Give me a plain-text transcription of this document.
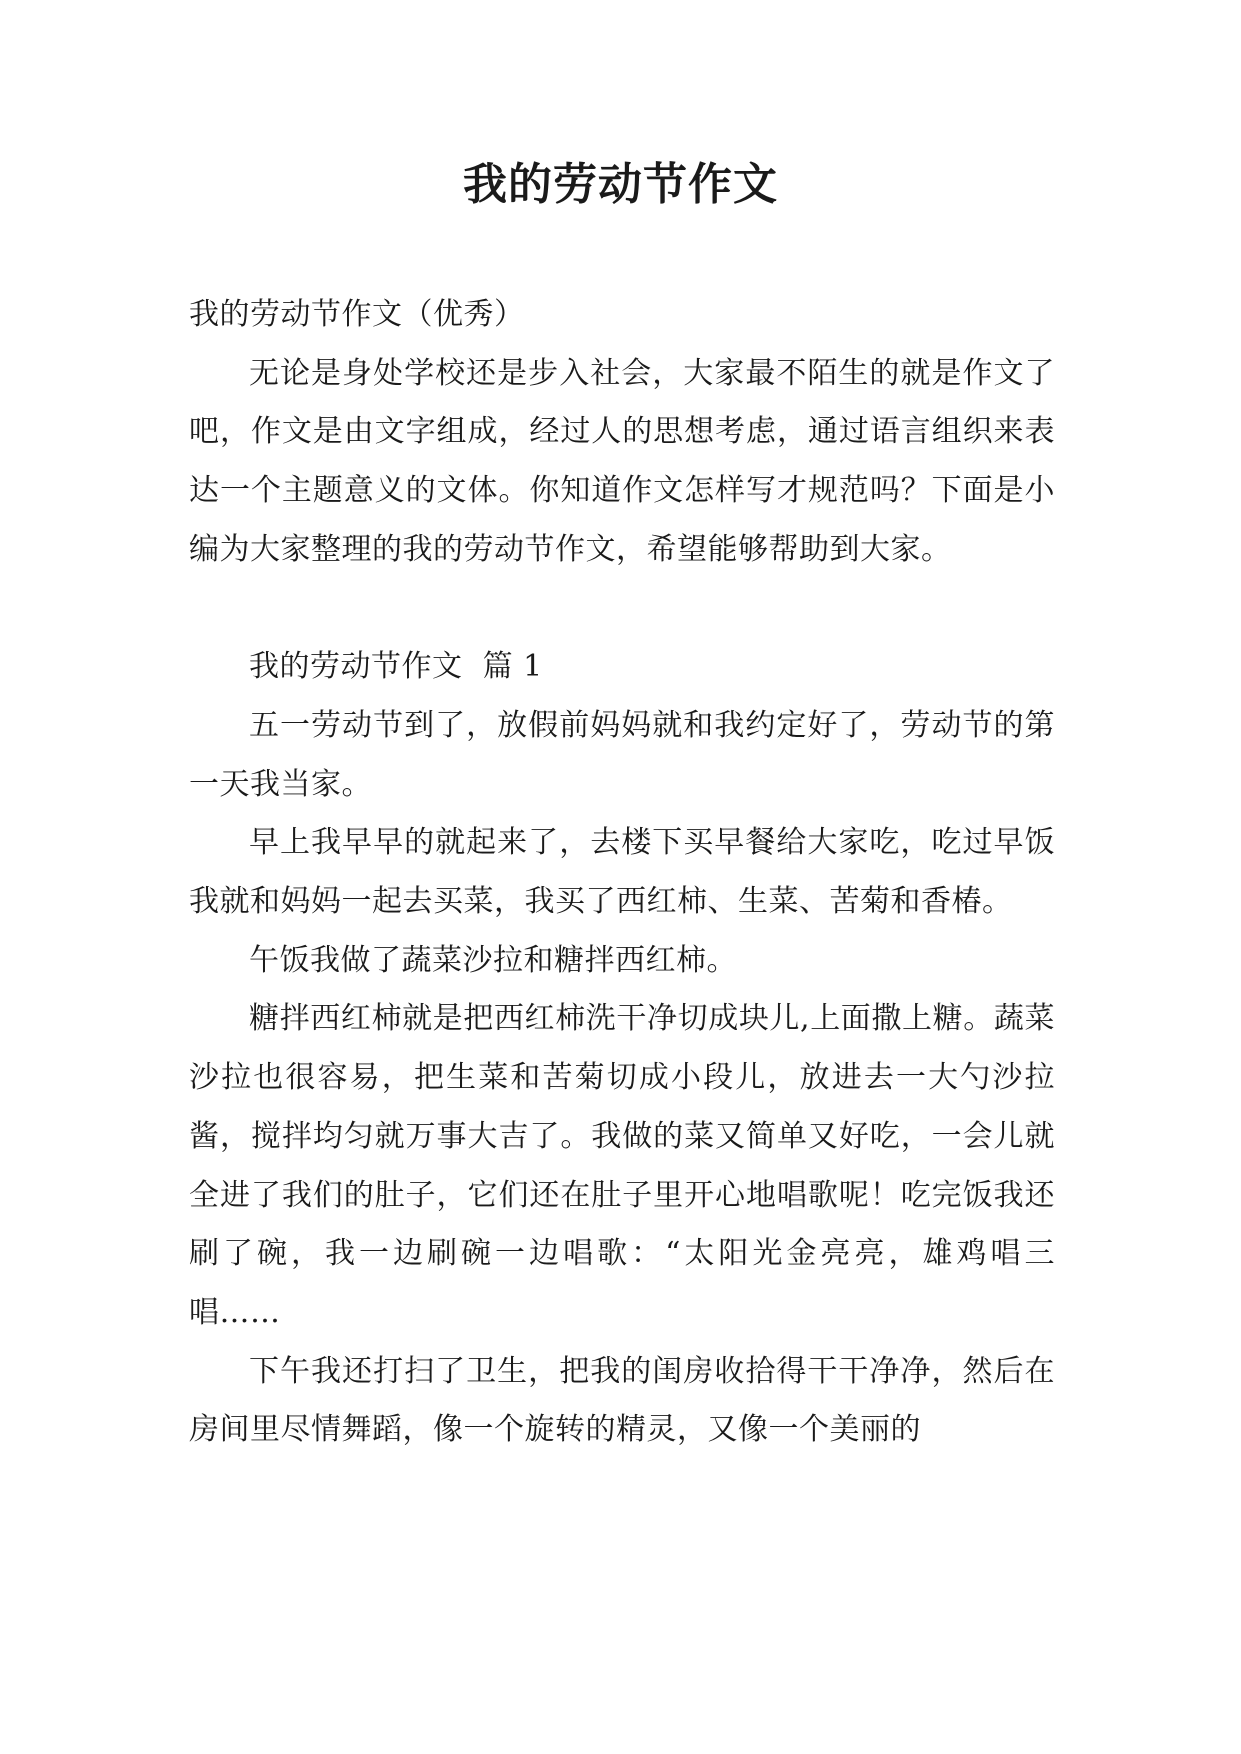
我的劳动节作文

我的劳动节作文（优秀）

无论是身处学校还是步入社会，大家最不陌生的就是作文了吧，作文是由文字组成，经过人的思想考虑，通过语言组织来表达一个主题意义的文体。你知道作文怎样写才规范吗？下面是小编为大家整理的我的劳动节作文，希望能够帮助到大家。

我的劳动节作文  篇 1

五一劳动节到了，放假前妈妈就和我约定好了，劳动节的第一天我当家。

早上我早早的就起来了，去楼下买早餐给大家吃，吃过早饭我就和妈妈一起去买菜，我买了西红柿、生菜、苦菊和香椿。

午饭我做了蔬菜沙拉和糖拌西红柿。

糖拌西红柿就是把西红柿洗干净切成块儿,上面撒上糖。蔬菜沙拉也很容易，把生菜和苦菊切成小段儿，放进去一大勺沙拉酱，搅拌均匀就万事大吉了。我做的菜又简单又好吃，一会儿就全进了我们的肚子，它们还在肚子里开心地唱歌呢！吃完饭我还刷了碗，我一边刷碗一边唱歌：“太阳光金亮亮，雄鸡唱三唱……

下午我还打扫了卫生，把我的闺房收拾得干干净净，然后在房间里尽情舞蹈，像一个旋转的精灵，又像一个美丽的
